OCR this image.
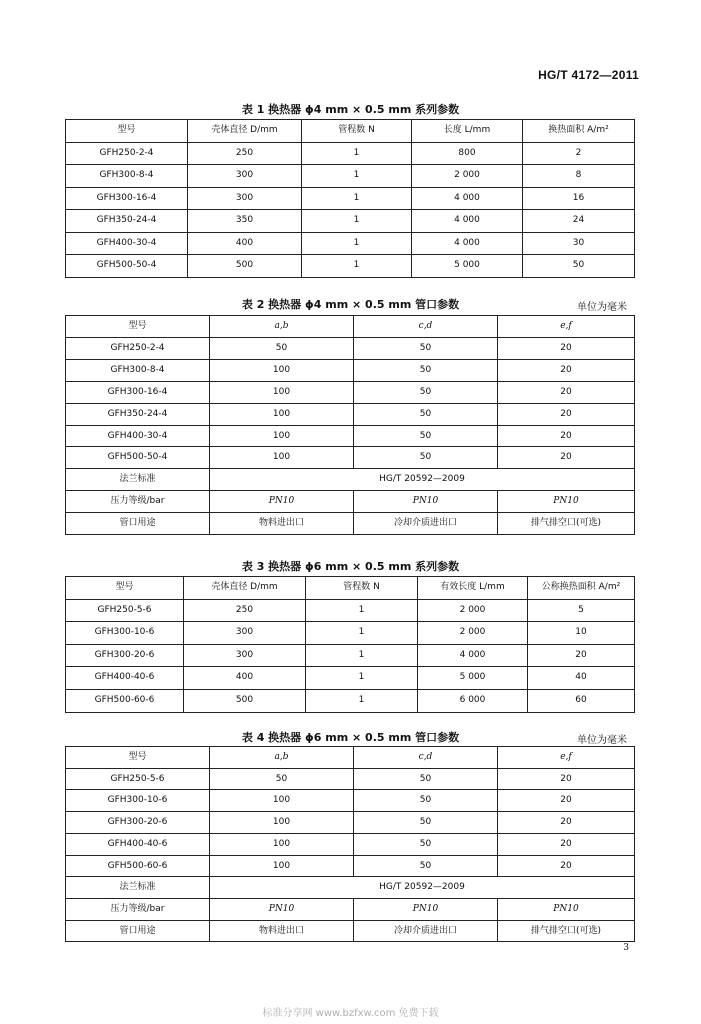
HG/T 4172—2011
表 1 换热器 ϕ4 mm × 0.5 mm 系列参数
型号	壳体直径 D/mm	管程数 N	长度 L/mm	换热面积 A/m²
GFH250-2-4	250	1	800	2
GFH300-8-4	300	1	2 000	8
GFH300-16-4	300	1	4 000	16
GFH350-24-4	350	1	4 000	24
GFH400-30-4	400	1	4 000	30
GFH500-50-4	500	1	5 000	50
表 2 换热器 ϕ4 mm × 0.5 mm 管口参数	单位为毫米
型号	a,b	c,d	e,f
GFH250-2-4	50	50	20
GFH300-8-4	100	50	20
GFH300-16-4	100	50	20
GFH350-24-4	100	50	20
GFH400-30-4	100	50	20
GFH500-50-4	100	50	20
法兰标准	HG/T 20592—2009		
压力等级/bar	PN10	PN10	PN10
管口用途	物料进出口	冷却介质进出口	排气排空口(可选)
表 3 换热器 ϕ6 mm × 0.5 mm 系列参数
型号	壳体直径 D/mm	管程数 N	有效长度 L/mm	公称换热面积 A/m²
GFH250-5-6	250	1	2 000	5
GFH300-10-6	300	1	2 000	10
GFH300-20-6	300	1	4 000	20
GFH400-40-6	400	1	5 000	40
GFH500-60-6	500	1	6 000	60
表 4 换热器 ϕ6 mm × 0.5 mm 管口参数	单位为毫米
型号	a,b	c,d	e,f
GFH250-5-6	50	50	20
GFH300-10-6	100	50	20
GFH300-20-6	100	50	20
GFH400-40-6	100	50	20
GFH500-60-6	100	50	20
法兰标准	HG/T 20592—2009		
压力等级/bar	PN10	PN10	PN10
管口用途	物料进出口	冷却介质进出口	排气排空口(可选)
3
标准分享网 www.bzfxw.com 免费下载
